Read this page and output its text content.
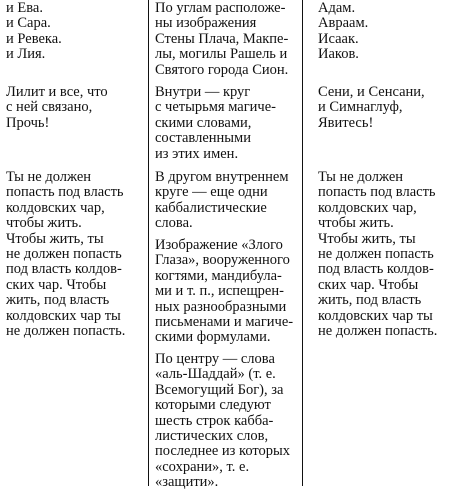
и Ева.
и Сара.
и Ревека.
и Лия.
Лилит и все, что
с ней связано,
Прочь!
Ты не должен
попасть под власть
колдовских чар,
чтобы жить.
Чтобы жить, ты
не должен попасть
под власть колдов-
ских чар. Чтобы
жить, под власть
колдовских чар ты
не должен попасть.
По углам расположе-
ны изображения
Стены Плача, Макпе-
лы, могилы Рашель и
Святого города Сион.
Внутри — круг
с четырьмя магиче-
скими словами,
составленными
из этих имен.
В другом внутреннем
круге — еще одни
каббалистические
слова.
Изображение «Злого
Глаза», вооруженного
когтями, мандибула-
ми и т. п., испещрен-
ных разнообразными
письменами и магиче-
скими формулами.
По центру — слова
«аль-Шаддай» (т. е.
Всемогущий Бог), за
которыми следуют
шесть строк кабба-
листических слов,
последнее из которых
«сохрани», т. е.
«защити».
Адам.
Авраам.
Исаак.
Иаков.
Сени, и Сенсани,
и Симнаглуф,
Явитесь!
Ты не должен
попасть под власть
колдовских чар,
чтобы жить.
Чтобы жить, ты
не должен попасть
под власть колдов-
ских чар. Чтобы
жить, под власть
колдовских чар ты
не должен попасть.
